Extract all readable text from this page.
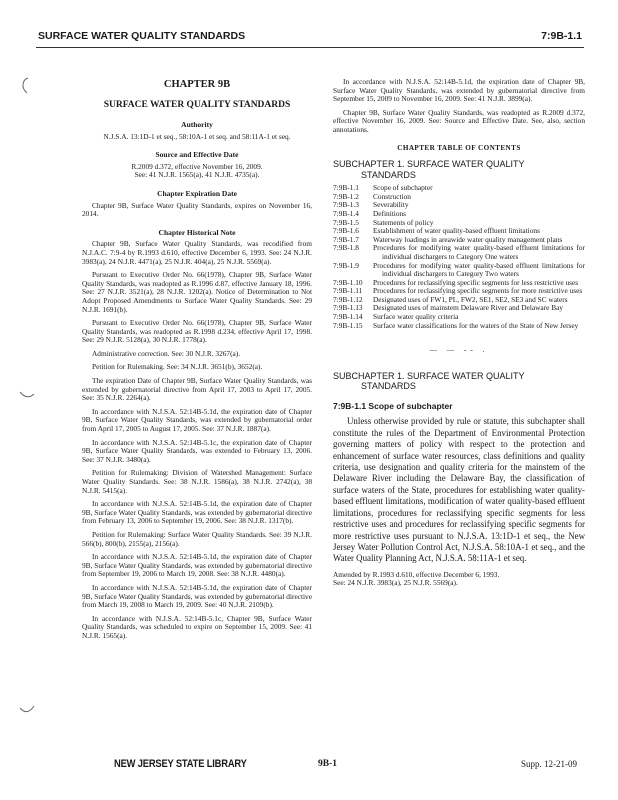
SURFACE WATER QUALITY STANDARDS	7:9B-1.1

CHAPTER 9B

SURFACE WATER QUALITY STANDARDS

Authority

N.J.S.A. 13:1D-1 et seq., 58:10A-1 et seq. and 58:11A-1 et seq.

Source and Effective Date

R.2009 d.372, effective November 16, 2009.

See: 41 N.J.R. 1565(a), 41 N.J.R. 4735(a).

Chapter Expiration Date

Chapter 9B, Surface Water Quality Standards, expires on November 16, 2014.

Chapter Historical Note

Chapter 9B, Surface Water Quality Standards, was recodified from N.J.A.C. 7:9-4 by R.1993 d.610, effective December 6, 1993. See: 24 N.J.R. 3983(a), 24 N.J.R. 4471(a), 25 N.J.R. 404(a), 25 N.J.R. 5569(a).

Pursuant to Executive Order No. 66(1978), Chapter 9B, Surface Water Quality Standards, was readopted as R.1996 d.87, effective January 18, 1996. See: 27 N.J.R. 3521(a), 28 N.J.R. 1202(a). Notice of Determination to Not Adopt Proposed Amendments to Surface Water Quality Standards. See: 29 N.J.R. 1691(b).

Pursuant to Executive Order No. 66(1978), Chapter 9B, Surface Water Quality Standards, was readopted as R.1998 d.234, effective April 17, 1998. See: 29 N.J.R. 5128(a), 30 N.J.R. 1778(a).

Administrative correction. See: 30 N.J.R. 3267(a).

Petition for Rulemaking. See: 34 N.J.R. 3651(b), 3652(a).

The expiration Date of Chapter 9B, Surface Water Quality Standards, was extended by gubernatorial directive from April 17, 2003 to April 17, 2005. See: 35 N.J.R. 2264(a).

In accordance with N.J.S.A. 52:14B-5.1d, the expiration date of Chapter 9B, Surface Water Quality Standards, was extended by gubernatorial order from April 17, 2005 to August 17, 2005. See: 37 N.J.R. 1887(a).

In accordance with N.J.S.A. 52:14B-5.1c, the expiration date of Chapter 9B, Surface Water Quality Standards, was extended to February 13, 2006. See: 37 N.J.R. 3480(a).

Petition for Rulemaking: Division of Watershed Management: Surface Water Quality Standards. See: 38 N.J.R. 1586(a), 38 N.J.R. 2742(a), 38 N.J.R. 5415(a).

In accordance with N.J.S.A. 52:14B-5.1d, the expiration date of Chapter 9B, Surface Water Quality Standards, was extended by gubernatorial directive from February 13, 2006 to September 19, 2006. See: 38 N.J.R. 1317(b).

Petition for Rulemaking: Surface Water Quality Standards. See: 39 N.J.R. 566(b), 800(b), 2155(a), 2156(a).

In accordance with N.J.S.A. 52:14B-5.1d, the expiration date of Chapter 9B, Surface Water Quality Standards, was extended by gubernatorial directive from September 19, 2006 to March 19, 2008. See: 38 N.J.R. 4480(a).

In accordance with N.J.S.A. 52:14B-5.1d, the expiration date of Chapter 9B, Surface Water Quality Standards, was extended by gubernatorial directive from March 19, 2008 to March 19, 2009. See: 40 N.J.R. 2109(b).

In accordance with N.J.S.A. 52:14B-5.1c, Chapter 9B, Surface Water Quality Standards, was scheduled to expire on September 15, 2009. See: 41 N.J.R. 1565(a).

In accordance with N.J.S.A. 52:14B-5.1d, the expiration date of Chapter 9B, Surface Water Quality Standards, was extended by gubernatorial directive from September 15, 2009 to November 16, 2009. See: 41 N.J.R. 3899(a).

Chapter 9B, Surface Water Quality Standards, was readopted as R.2009 d.372, effective November 16, 2009. See: Source and Effective Date. See, also, section annotations.

CHAPTER TABLE OF CONTENTS

SUBCHAPTER 1. SURFACE WATER QUALITY

STANDARDS

7:9B-1.1	Scope of subchapter
7:9B-1.2	Construction
7:9B-1.3	Severability
7:9B-1.4	Definitions
7:9B-1.5	Statements of policy
7:9B-1.6	Establishment of water quality-based effluent limitations
7:9B-1.7	Waterway loadings in areawide water quality management plans
7:9B-1.8	Procedures for modifying water quality-based effluent limitations for individual dischargers to Category One waters
7:9B-1.9	Procedures for modifying water quality-based effluent limitations for individual dischargers to Category Two waters
7:9B-1.10	Procedures for reclassifying specific segments for less restrictive uses
7:9B-1.11	Procedures for reclassifying specific segments for more restrictive uses
7:9B-1.12	Designated uses of FW1, PL, FW2, SE1, SE2, SE3 and SC waters
7:9B-1.13	Designated uses of mainstem Delaware River and Delaware Bay
7:9B-1.14	Surface water quality criteria
7:9B-1.15	Surface water classifications for the waters of the State of New Jersey
— — -- .

SUBCHAPTER 1. SURFACE WATER QUALITY

STANDARDS

7:9B-1.1 Scope of subchapter

Unless otherwise provided by rule or statute, this subchapter shall constitute the rules of the Department of Environmental Protection governing matters of policy with respect to the protection and enhancement of surface water resources, class definitions and quality criteria, use designation and quality criteria for the mainstem of the Delaware River including the Delaware Bay, the classification of surface waters of the State, procedures for establishing water quality-based effluent limitations, modification of water quality-based effluent limitations, procedures for reclassifying specific segments for less restrictive uses and procedures for reclassifying specific segments for more restrictive uses pursuant to N.J.S.A. 13:1D-1 et seq., the New Jersey Water Pollution Control Act, N.J.S.A. 58:10A-1 et seq., and the Water Quality Planning Act, N.J.S.A. 58:11A-1 et seq.

Amended by R.1993 d.610, effective December 6, 1993.

See: 24 N.J.R. 3983(a), 25 N.J.R. 5569(a).

NEW JERSEY STATE LIBRARY	9B-1	Supp. 12-21-09
